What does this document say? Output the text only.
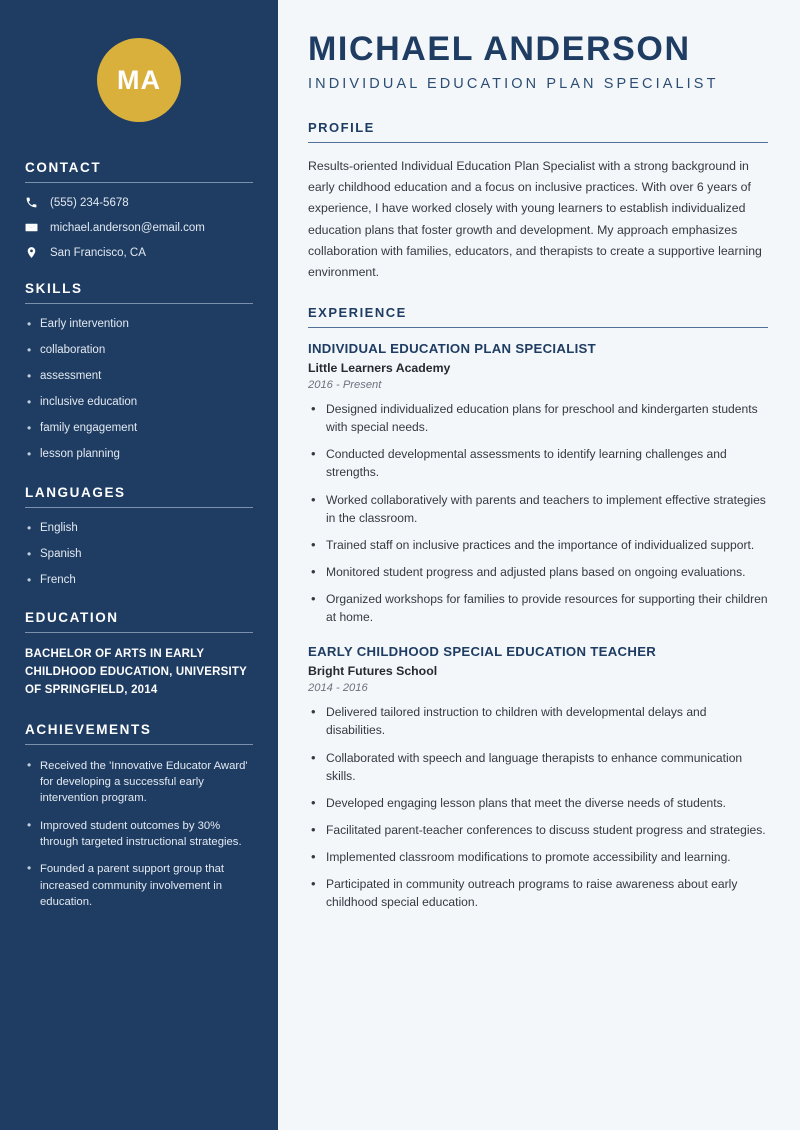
MA
CONTACT
(555) 234-5678
michael.anderson@email.com
San Francisco, CA
SKILLS
• Early intervention
• collaboration
• assessment
• inclusive education
• family engagement
• lesson planning
LANGUAGES
• English
• Spanish
• French
EDUCATION
BACHELOR OF ARTS IN EARLY CHILDHOOD EDUCATION, UNIVERSITY OF SPRINGFIELD, 2014
ACHIEVEMENTS
• Received the 'Innovative Educator Award' for developing a successful early intervention program.
• Improved student outcomes by 30% through targeted instructional strategies.
• Founded a parent support group that increased community involvement in education.
MICHAEL ANDERSON
INDIVIDUAL EDUCATION PLAN SPECIALIST
PROFILE

Results-oriented Individual Education Plan Specialist with a strong background in early childhood education and a focus on inclusive practices. With over 6 years of experience, I have worked closely with young learners to establish individualized education plans that foster growth and development. My approach emphasizes collaboration with families, educators, and therapists to create a supportive learning environment.

EXPERIENCE
INDIVIDUAL EDUCATION PLAN SPECIALIST
Little Learners Academy
2016 - Present
• Designed individualized education plans for preschool and kindergarten students with special needs.
• Conducted developmental assessments to identify learning challenges and strengths.
• Worked collaboratively with parents and teachers to implement effective strategies in the classroom.
• Trained staff on inclusive practices and the importance of individualized support.
• Monitored student progress and adjusted plans based on ongoing evaluations.
• Organized workshops for families to provide resources for supporting their children at home.
EARLY CHILDHOOD SPECIAL EDUCATION TEACHER
Bright Futures School
2014 - 2016
• Delivered tailored instruction to children with developmental delays and disabilities.
• Collaborated with speech and language therapists to enhance communication skills.
• Developed engaging lesson plans that meet the diverse needs of students.
• Facilitated parent-teacher conferences to discuss student progress and strategies.
• Implemented classroom modifications to promote accessibility and learning.
• Participated in community outreach programs to raise awareness about early childhood special education.
